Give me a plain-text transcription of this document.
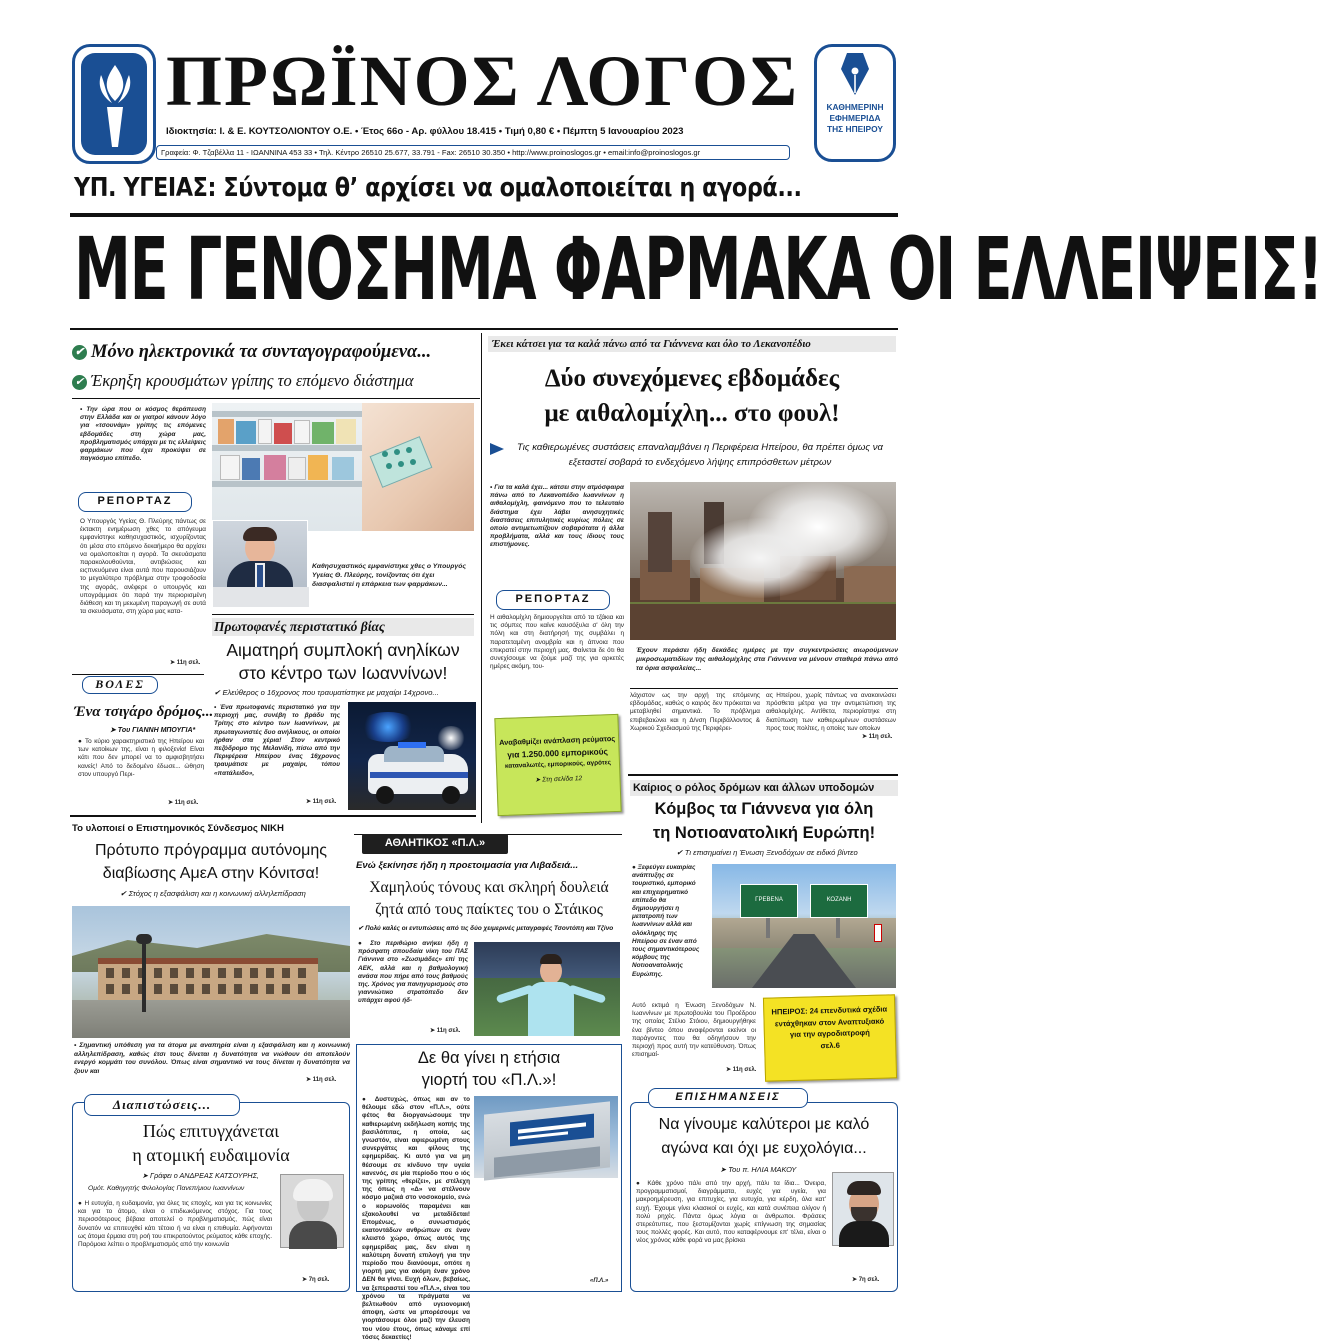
ΠΡΩΪΝΟΣ ΛΟΓΟΣ
Ιδιοκτησία: Ι. & Ε. ΚΟΥΤΣΟΛΙΟΝΤΟΥ Ο.Ε. • Έτος 66ο - Αρ. φύλλου 18.415 • Τιμή 0,80 € • Πέμπτη 5 Ιανουαρίου 2023
Γραφεία: Φ. Τζαβέλλα 11 - ΙΩΑΝΝΙΝΑ 453 33 • Τηλ. Κέντρο 26510 25.677, 33.791 - Fax: 26510 30.350 • http://www.proinoslogos.gr • email:info@proinoslogos.gr
ΚΑΘΗΜΕΡΙΝΗ
ΕΦΗΜΕΡΙΔΑ
ΤΗΣ ΗΠΕΙΡΟΥ
ΥΠ. ΥΓΕΙΑΣ: Σύντομα θ’ αρχίσει να ομαλοποιείται η αγορά...
ΜΕ ΓΕΝΟΣΗΜΑ ΦΑΡΜΑΚΑ ΟΙ ΕΛΛΕΙΨΕΙΣ!
✔ Μόνο ηλεκτρονικά τα συνταγογραφούμενα...
✔ Έκρηξη κρουσμάτων γρίπης το επόμενο διάστημα
• Την ώρα που οι κόσμος θεράπευση στην Ελλάδα και οι γιατροί κάνουν λόγο για «τσουνάμι» γρίπης τις επόμενες εβδομάδες στη χώρα μας, προβληματισμός υπάρχει με τις ελλείψεις φαρμάκων που έχει προκύψει σε παγκόσμιο επίπεδο.
ΡΕΠΟΡΤΑΖ
Ο Υπουργός Υγείας Θ. Πλεύρης πάντως σε έκτακτη ενημέρωση χθες το απόγευμα εμφανίστηκε καθησυχαστικός, ισχυρίζοντας ότι μέσα στο επόμενο δεκαήμερο θα αρχίσει να ομαλοποιείται η αγορά. Τα σκευάσματα παρακολουθούνται, αντιβιώσεις και ειςπνευόμενα είναι αυτά που παρουσιάζουν το μεγαλύτερο πρόβλημα στην τροφοδοσία της αγοράς, ανέφερε ο υπουργός και υπογράμμισε ότι παρά την περιορισμένη διάθεση και τη μειωμένη παραγωγή σε αυτά τα σκευάσματα, στη χώρα μας κατα-
➤ 11η σελ.
Καθησυχαστικός εμφανίστηκε χθες ο Υπουργός Υγείας Θ. Πλεύρης, τονίζοντας ότι έχει διασφαλιστεί η επάρκεια των φαρμάκων...
Πρωτοφανές περιστατικό βίας
Αιματηρή συμπλοκή ανηλίκων
στο κέντρο των Ιωαννίνων!
✔ Ελεύθερος ο 16χρονος που τραυματίστηκε με μαχαίρι 14χρονο...
• Ένα πρωτοφανές περιστατικό για την περιοχή μας, συνέβη το βράδυ της Τρίτης στο κέντρο των Ιωαννίνων, με πρωταγωνιστές δυο ανήλικους, οι οποίοι ήρθαν στα χέρια! Στον κεντρικό πεζόδρομο της Μελανίδη, πίσω από την Περιφέρεια Ηπείρου ένας 16χρονος τραυμάτισε με μαχαίρι, τόπου «πατάλειδο»,
➤ 11η σελ.
ΒΟΛΕΣ
Ένα τσιγάρο δρόμος...
➤ Του ΓΙΑΝΝΗ ΜΠΟΥΓΙΑ*
● Το κύριο χαρακτηριστικό της Ηπείρου και των κατοίκων της, είναι η φιλοξενία! Είναι κάτι που δεν μπορεί να το αμφισβητήσει κανείς! Από το δεδομένο έδωσε... ώθηση στον υπουργό Περι-
➤ 11η σελ.
Έκει κάτσει για τα καλά πάνω από τα Γιάννενα και όλο το Λεκανοπέδιο
Δύο συνεχόμενες εβδομάδες
με αιθαλομίχλη... στο φουλ!
Τις καθιερωμένες συστάσεις επαναλαμβάνει η Περιφέρεια Ηπείρου, θα πρέπει όμως να εξεταστεί σοβαρά το ενδεχόμενο λήψης επιπρόσθετων μέτρων
• Για τα καλά έχει... κάτσει στην ατμόσφαιρα πάνω από το Λεκανοπέδιο Ιωαννίνων η αιθαλομίχλη, φαινόμενο που το τελευταίο διάστημα έχει λάβει ανησυχητικές διαστάσεις επιτυλητικές κυρίως πόλεις σε οποίο αντιμετωπίζουν σοβαρότατα ή άλλα προβλήματα, αλλά και τους ίδιους τους επιστήμονες.
ΡΕΠΟΡΤΑΖ
Η αιθαλομίχλη δημιουργείται από τα τζάκια και τις σόμπες που καίνε καυσόξυλα σ' όλη την πόλη και στη διατήρησή της συμβάλει η παρατεταμένη ανομβρία και η άπνοια που επικρατεί στην περιοχή μας. Φαίνεται δε ότι θα συνεχίσουμε να ζούμε μαζί της για αρκετές ημέρες ακόμη, του-
Έχουν περάσει ήδη δεκάδες ημέρες με την συγκεντρώσεις αιωρούμενων μικροσωματιδίων της αιθαλομίχλης στα Γιάννενα να μένουν σταθερά πάνω από τα όρια ασφαλείας...
λάχιστον ως την αρχή της επόμενης εβδομάδας, καθώς ο καιρός δεν πρόκειται να μεταβληθεί σημαντικά. Το πρόβλημα επιβεβαιώνει και η Δ/νση Περιβάλλοντος & Χωρικού Σχεδιασμού της Περιφέρει-
ας Ηπείρου, χωρίς πάντως να ανακοινώσει πρόσθετα μέτρα για την αντιμετώπιση της αιθαλομίχλης. Αντίθετα, περιορίστηκε στη διατύπωση των καθιερωμένων συστάσεων προς τους πολίτες, η οποίες των οποίων
➤ 11η σελ.
Αναβαθμίζει ανάπλαση ρεύματος
για 1.250.000 εμπορικούς
καταναλωτές, εμπορικούς, αγρότες
➤ Στη σελίδα 12
Καίριος ο ρόλος δρόμων και άλλων υποδομών
Κόμβος τα Γιάννενα για όλη
τη Νοτιοανατολική Ευρώπη!
✔ Τι επισημαίνει η Ένωση Ξενοδόχων σε ειδικό βίντεο
● Ξεφεύγει ευκαιρίας ανάπτυξης σε τουριστικό, εμπορικό και επιχειρηματικό επίπεδο θα δημιουργήσει η μετατροπή των Ιωαννίνων αλλά και ολόκληρης της Ηπείρου σε έναν από τους σημαντικότερους κόμβους της Νοτιοανατολικής Ευρώπης.
ΓΡΕΒΕΝΑ	ΚΟΖΑΝΗ
Αυτό εκτιμά η Ένωση Ξενοδόχων Ν. Ιωαννίνων με πρωτοβουλία του Προέδρου της οποίας Στέλιο Στόιου, δημιουργήθηκε ένα βίντεο όπου αναφέρονται εκείνοι οι παράγοντες που θα οδηγήσουν την περιοχή προς αυτή την κατεύθυνση. Όπως επισημαί-
➤ 11η σελ.
ΗΠΕΙΡΟΣ: 24 επενδυτικά σχέδια εντάχθηκαν στον Αναπτυξιακό για την αγροδιατροφή
σελ.6
Το υλοποιεί ο Επιστημονικός Σύνδεσμος ΝΙΚΗ
Πρότυπο πρόγραμμα αυτόνομης
διαβίωσης ΑμεΑ στην Κόνιτσα!
✔ Στόχος η εξασφάλιση και η κοινωνική αλληλεπίδραση
• Σημαντική υπόθεση για τα άτομα με αναπηρία είναι η εξασφάλιση και η κοινωνική αλληλεπίδραση, καθώς έτσι τους δίνεται η δυνατότητα να νιώθουν ότι αποτελούν ενεργό κομμάτι του συνόλου. Όπως είναι σημαντικό να τους δίνεται η δυνατότητα να ζουν και
➤ 11η σελ.
ΑΘΛΗΤΙΚΟΣ «Π.Λ.»
Ενώ ξεκίνησε ήδη η προετοιμασία για Λιβαδειά...
Χαμηλούς τόνους και σκληρή δουλειά
ζητά από τους παίκτες του ο Στάικος
✔ Πολύ καλές οι εντυπώσεις από τις δύο χειμερινές μεταγραφές Τσοντόπη και Τζίνο
● Στο περιθώριο ανήκει ήδη η πρόσφατη σπουδαία νίκη του ΠΑΣ Γιάννινα στο «Ζωσιμάδες» επί της ΑΕΚ, αλλά και η βαθμολογική ανάσα που πήρε από τους βαθμούς της. Χρόνος για πανηγυρισμούς στο γιαννιώτικο στρατόπεδο δεν υπάρχει αφού ήδ-
➤ 11η σελ.
Δε θα γίνει η ετήσια
γιορτή του «Π.Λ.»!
● Δυστυχώς, όπως και αν το θέλουμε εδώ στον «Π.Λ.», ούτε φέτος θα διοργανώσουμε την καθιερωμένη εκδήλωση κοπής της βασιλόπιτας, η οποία, ως γνωστόν, είναι αφιερωμένη στους συνεργάτες και φίλους της εφημερίδας. Κι αυτό για να μη θέσουμε σε κίνδυνο την υγεία κανενός, σε μία περίοδο που ο ιός της γρίπης «θερίζει», με στέλεχη της όπως η «Δ» να στέλνουν κόσμο μαζικά στο νοσοκομείο, ενώ ο κορωνοϊός παραμένει και εξακολουθεί να μεταδίδεται! Επομένως, ο συνωστισμός εκατοντάδων ανθρώπων σε έναν κλειστό χώρο, όπως αυτός της εφημερίδας μας, δεν είναι η καλύτερη δυνατή επιλογή για την περίοδο που διανύουμε, οπότε η γιορτή μας για ακόμη έναν χρόνο ΔΕΝ θα γίνει. Ευχή όλων, βεβαίως, να ξεπεραστεί του «Π.Λ.», είναι του χρόνου τα πράγματα να βελτιωθούν από υγειονομική άποψη, ώστε να μπορέσουμε να γιορτάσουμε όλοι μαζί την έλευση του νέου έτους, όπως κάναμε επί τόσες δεκαετίες!
«Π.Λ.»
Διαπιστώσεις...
Πώς επιτυγχάνεται
η ατομική ευδαιμονία
➤ Γράφει ο ΑΝΔΡΕΑΣ ΚΑΤΣΟΥΡΗΣ,
Ομότ. Καθηγητής Φιλολογίας Πανεπ/μιου Ιωαννίνων
● Η ευτυχία, η ευδαιμονία, για όλες τις εποχές, και για τις κοινωνίες και για το άτομο, είναι ο επιδιωκόμενος στόχος. Για τους περισσότερους βέβαια αποτελεί ο προβληματισμός, πώς είναι δυνατόν να επιτευχθεί κάτι τέτοιο ή να είναι η επιθυμία. Αφήνονται ως άτομα έρμαια στη ροή του επικρατούντος ρεύματος κάθε εποχής. Παρόμοια λείπει ο προβληματισμός από την κοινωνία
➤ 7η σελ.
ΕΠΙΣΗΜΑΝΣΕΙΣ
Να γίνουμε καλύτεροι με καλό
αγώνα και όχι με ευχολόγια...
➤ Του π. ΗΛΙΑ ΜΑΚΟΥ
● Κάθε χρόνο πάλι από την αρχή, πάλι τα ίδια... Όνειρα, προγραμματισμοί, διαγράμματα, ευχές για υγεία, για μακροημέρευση, για επιτυχίες, για ευτυχία, για κέρδη, όλα κατ' ευχή. Έχουμε γίνει κλασικοί οι ευχές, και κατά συνέπεια ολίγον ή πολύ ρηχές. Πάντα όμως λόγια οι άνθρωποι. Φράσεις στερεότυπες, που ξεστομίζονται χωρίς επίγνωση της σημασίας τους πολλές φορές. Και αυτό, που καταφέρνουμε επ' τέλει, είναι ο νέος χρόνος κάθε φορά να μας βρίσκει
➤ 7η σελ.
